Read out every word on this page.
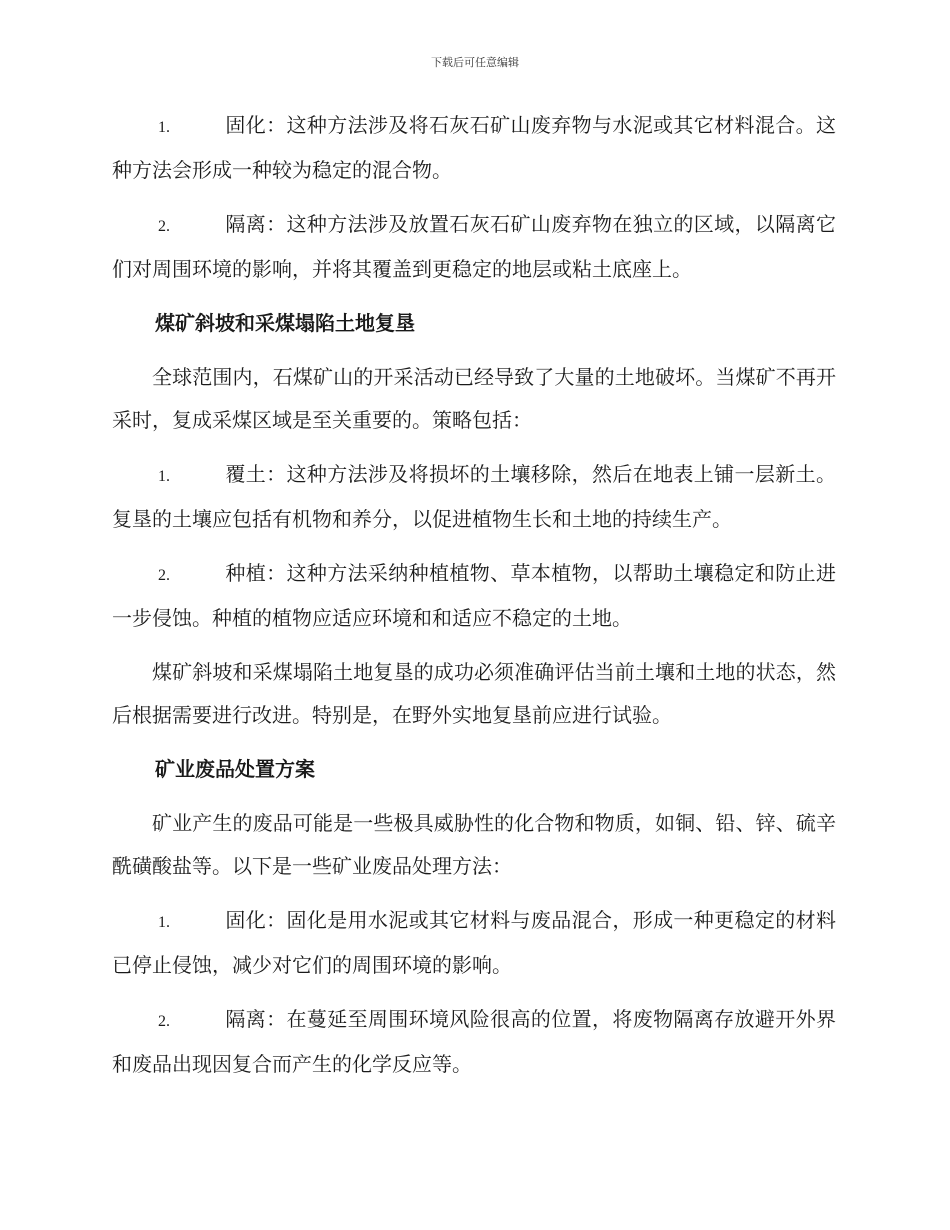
下载后可任意编辑

1.	固化：这种方法涉及将石灰石矿山废弃物与水泥或其它材料混合。这种方法会形成一种较为稳定的混合物。

2.	隔离：这种方法涉及放置石灰石矿山废弃物在独立的区域，以隔离它们对周围环境的影响，并将其覆盖到更稳定的地层或粘土底座上。

煤矿斜坡和采煤塌陷土地复垦

全球范围内，石煤矿山的开采活动已经导致了大量的土地破坏。当煤矿不再开采时，复成采煤区域是至关重要的。策略包括：

1.	覆土：这种方法涉及将损坏的土壤移除，然后在地表上铺一层新土。复垦的土壤应包括有机物和养分，以促进植物生长和土地的持续生产。

2.	种植：这种方法采纳种植植物、草本植物，以帮助土壤稳定和防止进一步侵蚀。种植的植物应适应环境和和适应不稳定的土地。

煤矿斜坡和采煤塌陷土地复垦的成功必须准确评估当前土壤和土地的状态，然后根据需要进行改进。特别是，在野外实地复垦前应进行试验。

矿业废品处置方案

矿业产生的废品可能是一些极具威胁性的化合物和物质，如铜、铅、锌、硫辛酰磺酸盐等。以下是一些矿业废品处理方法：

1.	固化：固化是用水泥或其它材料与废品混合，形成一种更稳定的材料已停止侵蚀，减少对它们的周围环境的影响。

2.	隔离：在蔓延至周围环境风险很高的位置，将废物隔离存放避开外界和废品出现因复合而产生的化学反应等。
